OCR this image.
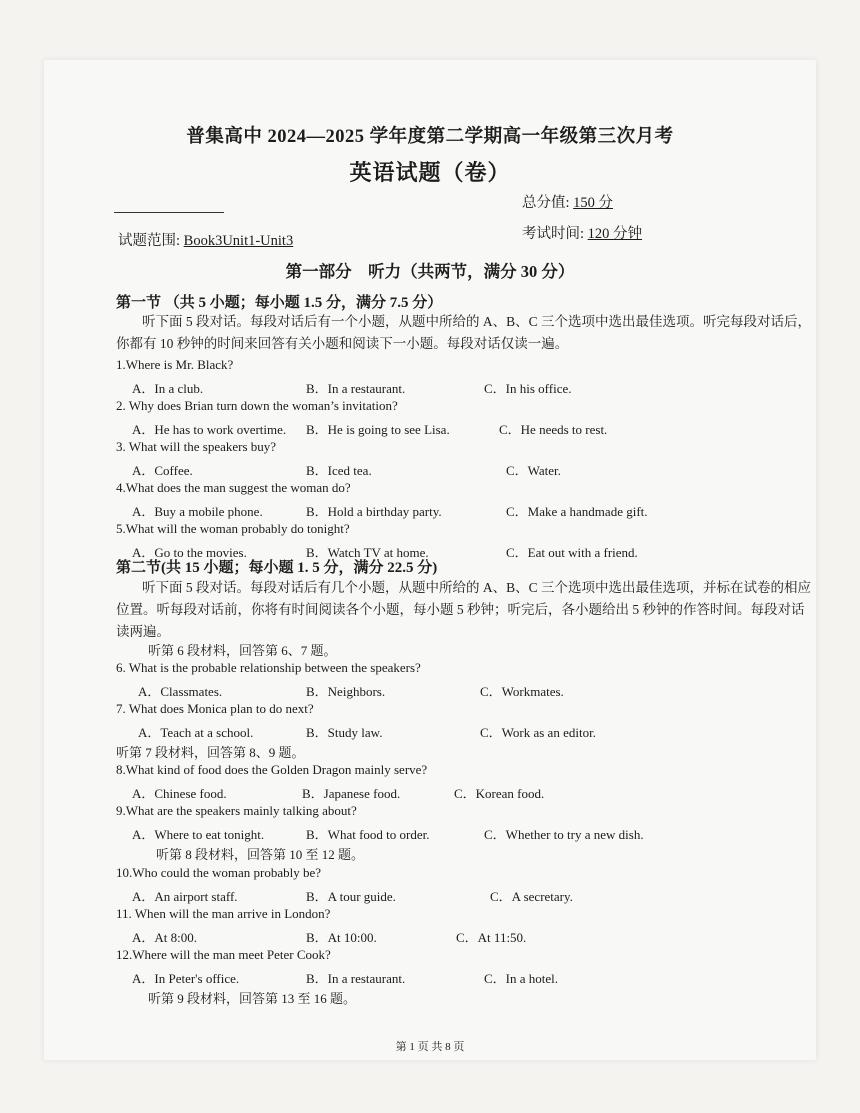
普集高中 2024—2025 学年度第二学期高一年级第三次月考
英语试题（卷）
总分值: 150 分
试题范围: Book3Unit1-Unit3	考试时间: 120 分钟
第一部分　听力（共两节，满分 30 分）
第一节 （共 5 小题；每小题 1.5 分，满分 7.5 分）
听下面 5 段对话。每段对话后有一个小题，从题中所给的 A、B、C 三个选项中选出最佳选项。听完每段对话后，你都有 10 秒钟的时间来回答有关小题和阅读下一小题。每段对话仅读一遍。
1.Where is Mr. Black?
A．In a club.	B．In a restaurant.	C．In his office.
2. Why does Brian turn down the woman’s invitation?
A．He has to work overtime. B．He is going to see Lisa.	C．He needs to rest.
3. What will the speakers buy?
A．Coffee.	B．Iced tea.	C．Water.
4.What does the man suggest the woman do?
A．Buy a mobile phone.	B．Hold a birthday party.	C．Make a handmade gift.
5.What will the woman probably do tonight?
A．Go to the movies.	B．Watch TV at home.	C．Eat out with a friend.
第二节(共 15 小题；每小题 1. 5 分，满分 22.5 分)
听下面 5 段对话。每段对话后有几个小题，从题中所给的 A、B、C 三个选项中选出最佳选项，并标在试卷的相应位置。听每段对话前，你将有时间阅读各个小题，每小题 5 秒钟；听完后，各小题给出 5 秒钟的作答时间。每段对话读两遍。
听第 6 段材料，回答第 6、7 题。
6. What is the probable relationship between the speakers?
A．Classmates.	B．Neighbors.	C．Workmates.
7. What does Monica plan to do next?
A．Teach at a school.	B．Study law.	C．Work as an editor.
听第 7 段材料，回答第 8、9 题。
8.What kind of food does the Golden Dragon mainly serve?
A．Chinese food.	B．Japanese food.	C．Korean food.
9.What are the speakers mainly talking about?
A．Where to eat tonight.	B．What food to order.	C．Whether to try a new dish.
听第 8 段材料，回答第 10 至 12 题。
10.Who could the woman probably be?
A．An airport staff.	B．A tour guide.	C．A secretary.
11. When will the man arrive in London?
A．At 8:00.	B．At 10:00.	C．At 11:50.
12.Where will the man meet Peter Cook?
A．In Peter's office.	B．In a restaurant.	C．In a hotel.
听第 9 段材料，回答第 13 至 16 题。
第 1 页 共 8 页
